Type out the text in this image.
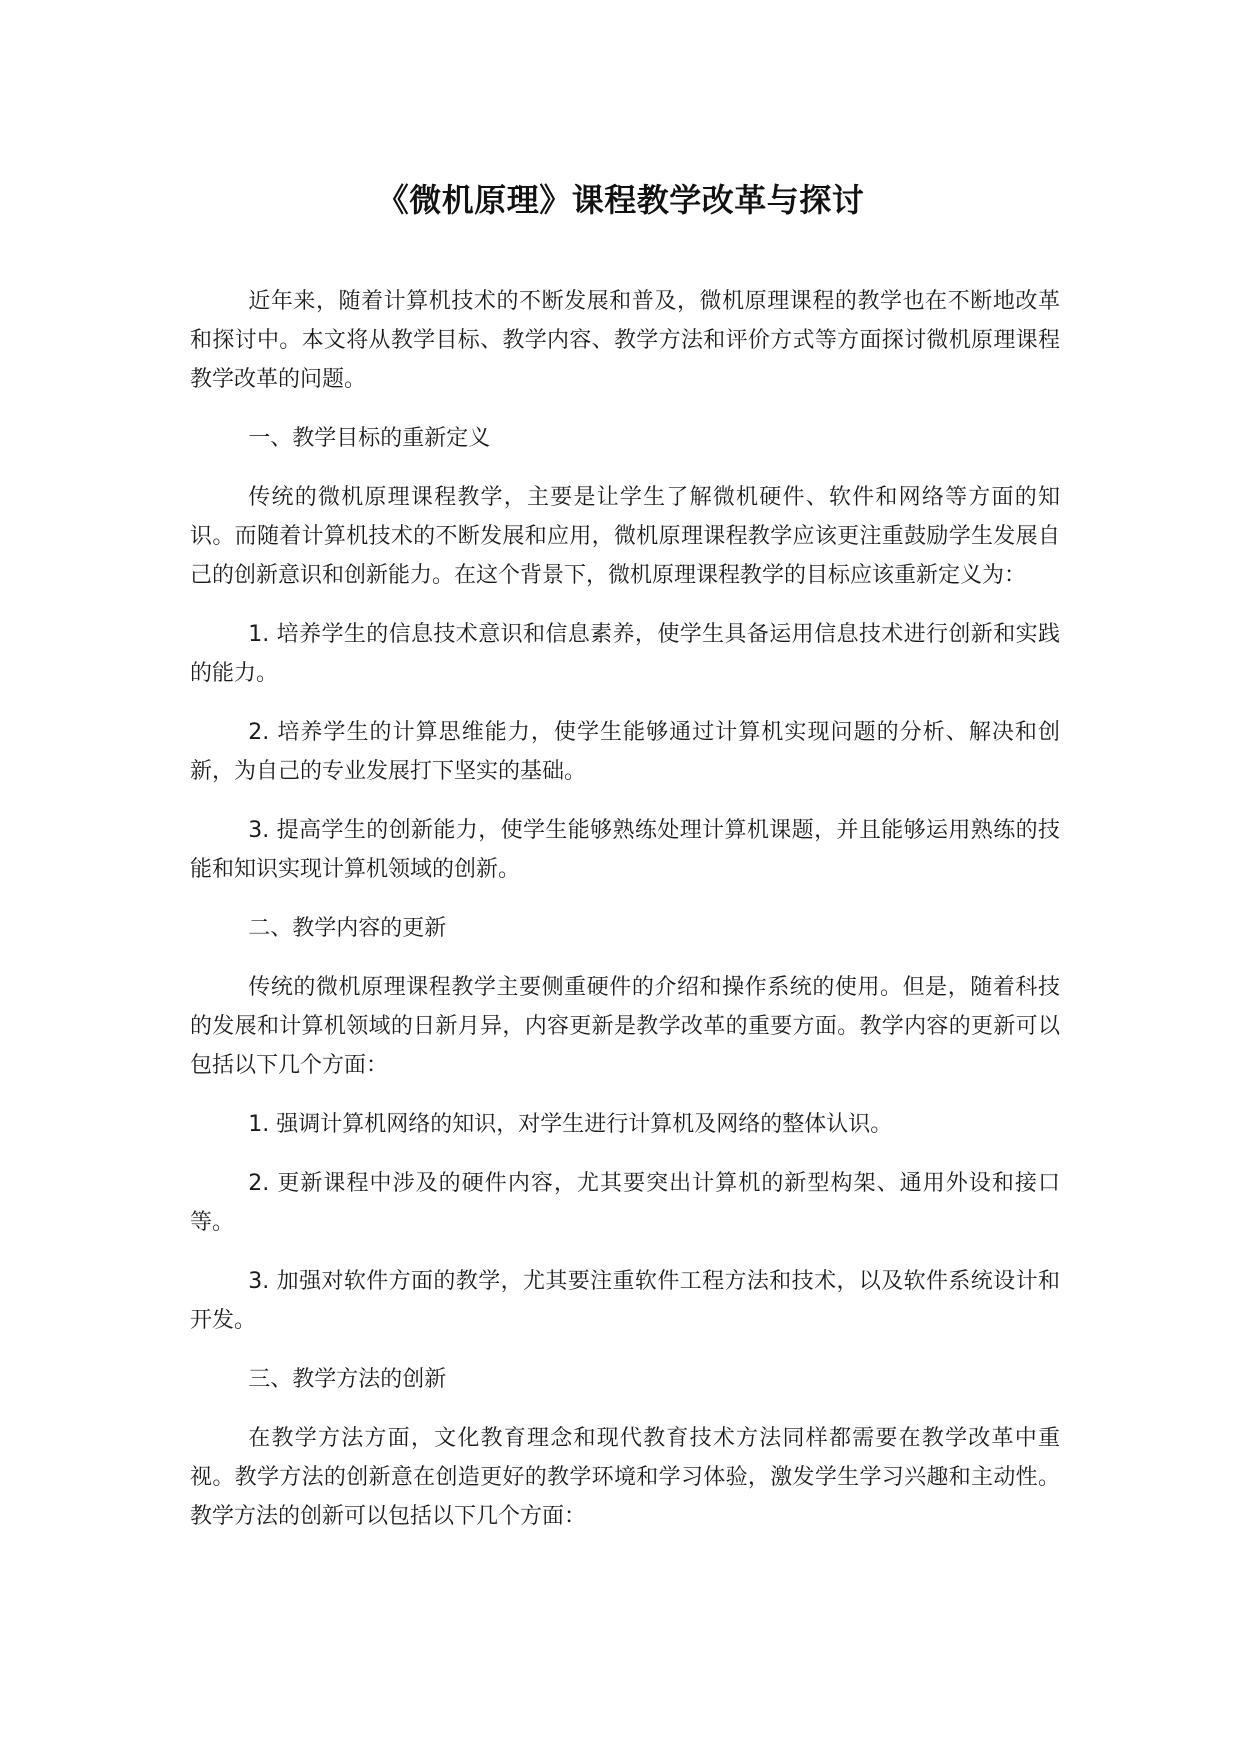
《微机原理》课程教学改革与探讨

近年来，随着计算机技术的不断发展和普及，微机原理课程的教学也在不断地改革和探讨中。本文将从教学目标、教学内容、教学方法和评价方式等方面探讨微机原理课程教学改革的问题。

一、教学目标的重新定义

传统的微机原理课程教学，主要是让学生了解微机硬件、软件和网络等方面的知识。而随着计算机技术的不断发展和应用，微机原理课程教学应该更注重鼓励学生发展自己的创新意识和创新能力。在这个背景下，微机原理课程教学的目标应该重新定义为：

1. 培养学生的信息技术意识和信息素养，使学生具备运用信息技术进行创新和实践的能力。

2. 培养学生的计算思维能力，使学生能够通过计算机实现问题的分析、解决和创新，为自己的专业发展打下坚实的基础。

3. 提高学生的创新能力，使学生能够熟练处理计算机课题，并且能够运用熟练的技能和知识实现计算机领域的创新。

二、教学内容的更新

传统的微机原理课程教学主要侧重硬件的介绍和操作系统的使用。但是，随着科技的发展和计算机领域的日新月异，内容更新是教学改革的重要方面。教学内容的更新可以包括以下几个方面：

1. 强调计算机网络的知识，对学生进行计算机及网络的整体认识。

2. 更新课程中涉及的硬件内容，尤其要突出计算机的新型构架、通用外设和接口等。

3. 加强对软件方面的教学，尤其要注重软件工程方法和技术，以及软件系统设计和开发。

三、教学方法的创新

在教学方法方面，文化教育理念和现代教育技术方法同样都需要在教学改革中重视。教学方法的创新意在创造更好的教学环境和学习体验，激发学生学习兴趣和主动性。教学方法的创新可以包括以下几个方面：
